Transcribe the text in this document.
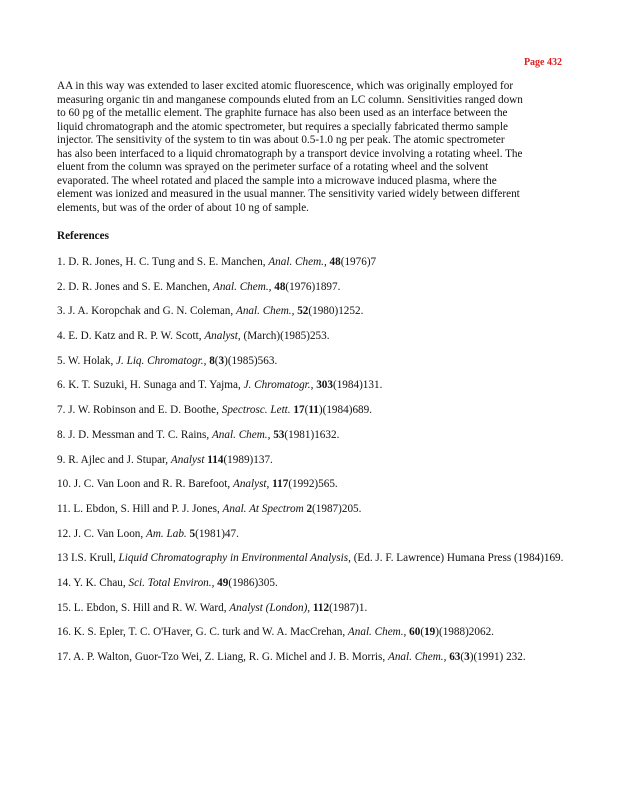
Page 432
AA in this way was extended to laser excited atomic fluorescence, which was originally employed for
measuring organic tin and manganese compounds eluted from an LC column. Sensitivities ranged down
to 60 pg of the metallic element. The graphite furnace has also been used as an interface between the
liquid chromatograph and the atomic spectrometer, but requires a specially fabricated thermo sample
injector. The sensitivity of the system to tin was about 0.5-1.0 ng per peak. The atomic spectrometer
has also been interfaced to a liquid chromatograph by a transport device involving a rotating wheel. The
eluent from the column was sprayed on the perimeter surface of a rotating wheel and the solvent
evaporated. The wheel rotated and placed the sample into a microwave induced plasma, where the
element was ionized and measured in the usual manner. The sensitivity varied widely between different
elements, but was of the order of about 10 ng of sample.
References
1. D. R. Jones, H. C. Tung and S. E. Manchen, Anal. Chem., 48(1976)7
2. D. R. Jones and S. E. Manchen, Anal. Chem., 48(1976)1897.
3. J. A. Koropchak and G. N. Coleman, Anal. Chem., 52(1980)1252.
4. E. D. Katz and R. P. W. Scott, Analyst, (March)(1985)253.
5. W. Holak, J. Liq. Chromatogr., 8(3)(1985)563.
6. K. T. Suzuki, H. Sunaga and T. Yajma, J. Chromatogr., 303(1984)131.
7. J. W. Robinson and E. D. Boothe, Spectrosc. Lett. 17(11)(1984)689.
8. J. D. Messman and T. C. Rains, Anal. Chem., 53(1981)1632.
9. R. Ajlec and J. Stupar, Analyst 114(1989)137.
10. J. C. Van Loon and R. R. Barefoot, Analyst, 117(1992)565.
11. L. Ebdon, S. Hill and P. J. Jones, Anal. At Spectrom 2(1987)205.
12. J. C. Van Loon, Am. Lab. 5(1981)47.
13 I.S. Krull, Liquid Chromatography in Environmental Analysis, (Ed. J. F. Lawrence) Humana Press (1984)169.
14. Y. K. Chau, Sci. Total Environ., 49(1986)305.
15. L. Ebdon, S. Hill and R. W. Ward, Analyst (London), 112(1987)1.
16. K. S. Epler, T. C. O'Haver, G. C. turk and W. A. MacCrehan, Anal. Chem., 60(19)(1988)2062.
17. A. P. Walton, Guor-Tzo Wei, Z. Liang, R. G. Michel and J. B. Morris, Anal. Chem., 63(3)(1991) 232.
